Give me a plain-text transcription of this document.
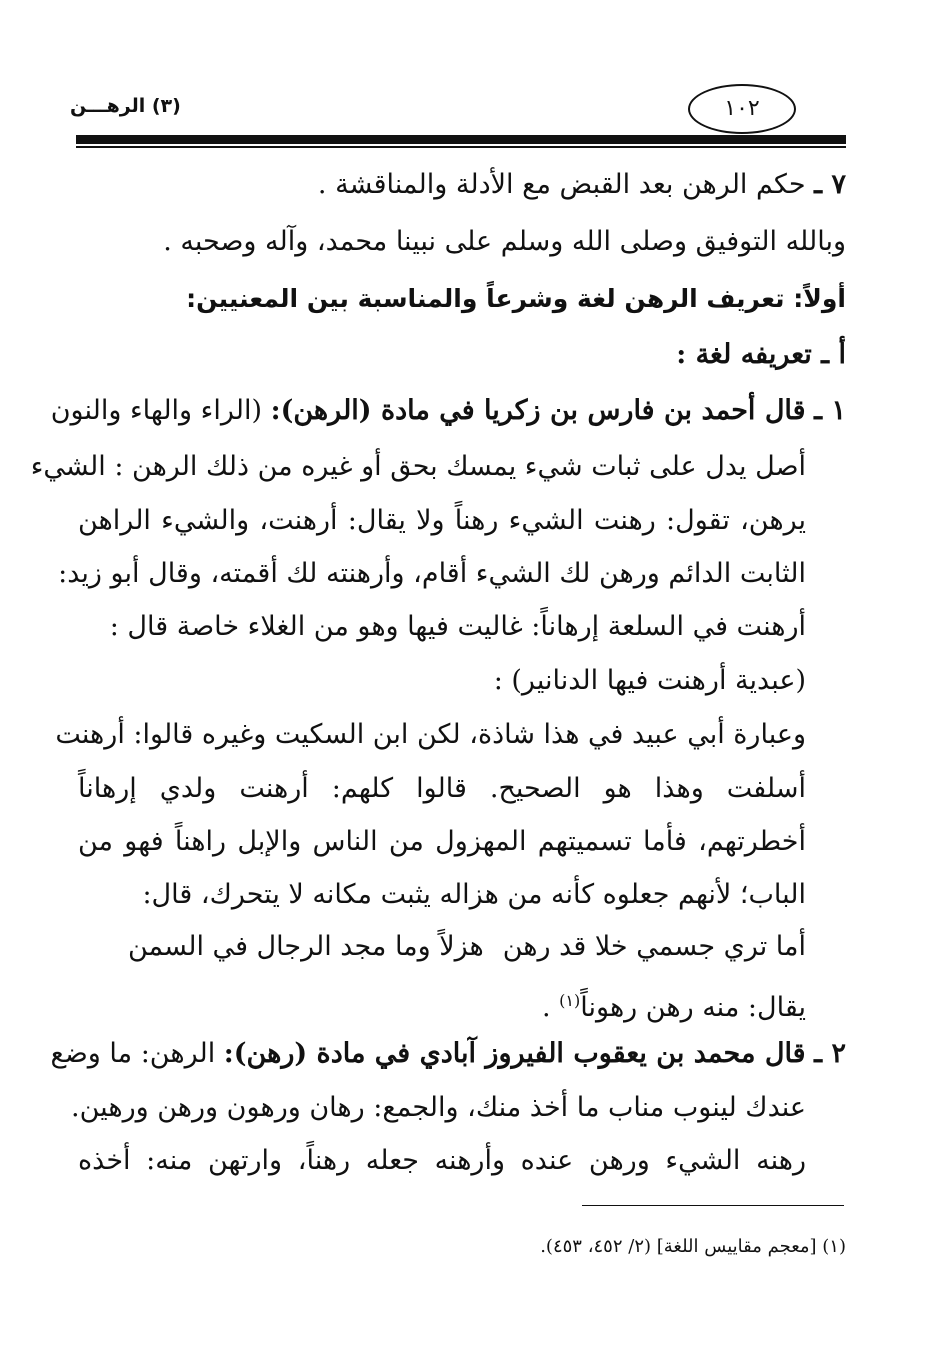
١٠٢
(٣) الرهـــن
٧ ـ حكم الرهن بعد القبض مع الأدلة والمناقشة .
وبالله التوفيق وصلى الله وسلم على نبينا محمد، وآله وصحبه .
أولاً: تعريف الرهن لغة وشرعاً والمناسبة بين المعنيين:
أ ـ تعريفه لغة :
١ ـ قال أحمد بن فارس بن زكريا في مادة (الرهن): (الراء والهاء والنون
أصل يدل على ثبات شيء يمسك بحق أو غيره من ذلك الرهن : الشيء
يرهن، تقول: رهنت الشيء رهناً ولا يقال: أرهنت، والشيء الراهن
الثابت الدائم ورهن لك الشيء أقام، وأرهنته لك أقمته، وقال أبو زيد:
أرهنت في السلعة إرهاناً: غاليت فيها وهو من الغلاء خاصة قال :
(عبدية أرهنت فيها الدنانير) :
وعبارة أبي عبيد في هذا شاذة، لكن ابن السكيت وغيره قالوا: أرهنت
أسلفت وهذا هو الصحيح. قالوا كلهم: أرهنت ولدي إرهاناً
أخطرتهم، فأما تسميتهم المهزول من الناس والإبل راهناً فهو من
الباب؛ لأنهم جعلوه كأنه من هزاله يثبت مكانه لا يتحرك، قال:
أما تري جسمي خلا قد رهن
هزلاً وما مجد الرجال في السمن
يقال: منه رهن رهوناً$^{(١)}$ .
٢ ـ قال محمد بن يعقوب الفيروز آبادي في مادة (رهن): الرهن: ما وضع
عندك لينوب مناب ما أخذ منك، والجمع: رهان ورهون ورهن ورهين.
رهنه الشيء ورهن عنده وأرهنه جعله رهناً، وارتهن منه: أخذه
(١) [معجم مقاييس اللغة] (٢/ ٤٥٢، ٤٥٣).
